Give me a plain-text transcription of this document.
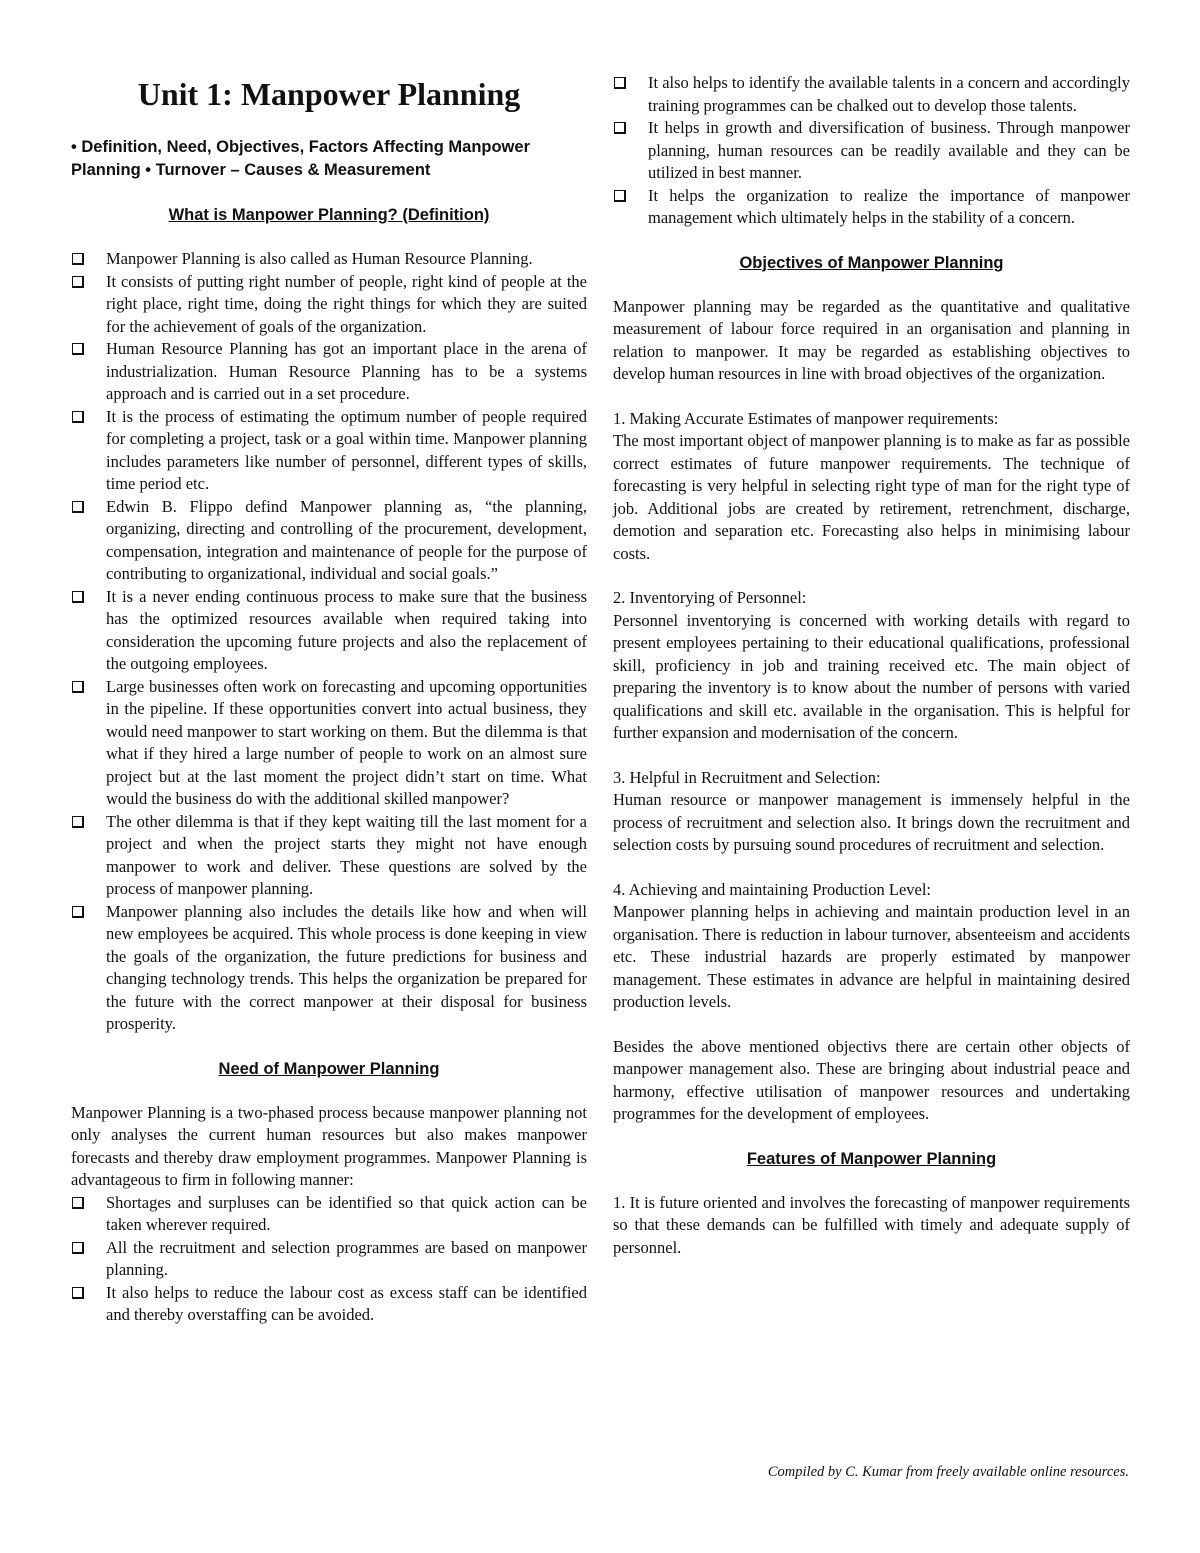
Unit 1: Manpower Planning
• Definition, Need, Objectives, Factors Affecting Manpower Planning • Turnover – Causes & Measurement
What is Manpower Planning? (Definition)
Manpower Planning is also called as Human Resource Planning.
It consists of putting right number of people, right kind of people at the right place, right time, doing the right things for which they are suited for the achievement of goals of the organization.
Human Resource Planning has got an important place in the arena of industrialization. Human Resource Planning has to be a systems approach and is carried out in a set procedure.
It is the process of estimating the optimum number of people required for completing a project, task or a goal within time. Manpower planning includes parameters like number of personnel, different types of skills, time period etc.
Edwin B. Flippo defind Manpower planning as, “the planning, organizing, directing and controlling of the procurement, development, compensation, integration and maintenance of people for the purpose of contributing to organizational, individual and social goals.”
It is a never ending continuous process to make sure that the business has the optimized resources available when required taking into consideration the upcoming future projects and also the replacement of the outgoing employees.
Large businesses often work on forecasting and upcoming opportunities in the pipeline. If these opportunities convert into actual business, they would need manpower to start working on them. But the dilemma is that what if they hired a large number of people to work on an almost sure project but at the last moment the project didn’t start on time. What would the business do with the additional skilled manpower?
The other dilemma is that if they kept waiting till the last moment for a project and when the project starts they might not have enough manpower to work and deliver. These questions are solved by the process of manpower planning.
Manpower planning also includes the details like how and when will new employees be acquired. This whole process is done keeping in view the goals of the organization, the future predictions for business and changing technology trends. This helps the organization be prepared for the future with the correct manpower at their disposal for business prosperity.
Need of Manpower Planning

Manpower Planning is a two-phased process because manpower planning not only analyses the current human resources but also makes manpower forecasts and thereby draw employment programmes. Manpower Planning is advantageous to firm in following manner:

Shortages and surpluses can be identified so that quick action can be taken wherever required.
All the recruitment and selection programmes are based on manpower planning.
It also helps to reduce the labour cost as excess staff can be identified and thereby overstaffing can be avoided.
It also helps to identify the available talents in a concern and accordingly training programmes can be chalked out to develop those talents.
It helps in growth and diversification of business. Through manpower planning, human resources can be readily available and they can be utilized in best manner.
It helps the organization to realize the importance of manpower management which ultimately helps in the stability of a concern.
Objectives of Manpower Planning

Manpower planning may be regarded as the quantitative and qualitative measurement of labour force required in an organisation and planning in relation to manpower. It may be regarded as establishing objectives to develop human resources in line with broad objectives of the organization.

1. Making Accurate Estimates of manpower requirements:

The most important object of manpower planning is to make as far as possible correct estimates of future manpower requirements. The technique of forecasting is very helpful in selecting right type of man for the right type of job. Additional jobs are created by retirement, retrenchment, discharge, demotion and separation etc. Forecasting also helps in minimising labour costs.

2. Inventorying of Personnel:

Personnel inventorying is concerned with working details with regard to present employees pertaining to their educational qualifications, professional skill, proficiency in job and training received etc. The main object of preparing the inventory is to know about the number of persons with varied qualifications and skill etc. available in the organisation. This is helpful for further expansion and modernisation of the concern.

3. Helpful in Recruitment and Selection:

Human resource or manpower management is immensely helpful in the process of recruitment and selection also. It brings down the recruitment and selection costs by pursuing sound procedures of recruitment and selection.

4. Achieving and maintaining Production Level:

Manpower planning helps in achieving and maintain production level in an organisation. There is reduction in labour turnover, absenteeism and accidents etc. These industrial hazards are properly estimated by manpower management. These estimates in advance are helpful in maintaining desired production levels.

Besides the above mentioned objectivs there are certain other objects of manpower management also. These are bringing about industrial peace and harmony, effective utilisation of manpower resources and undertaking programmes for the development of employees.

Features of Manpower Planning

1. It is future oriented and involves the forecasting of manpower requirements so that these demands can be fulfilled with timely and adequate supply of personnel.

Compiled by C. Kumar from freely available online resources.
